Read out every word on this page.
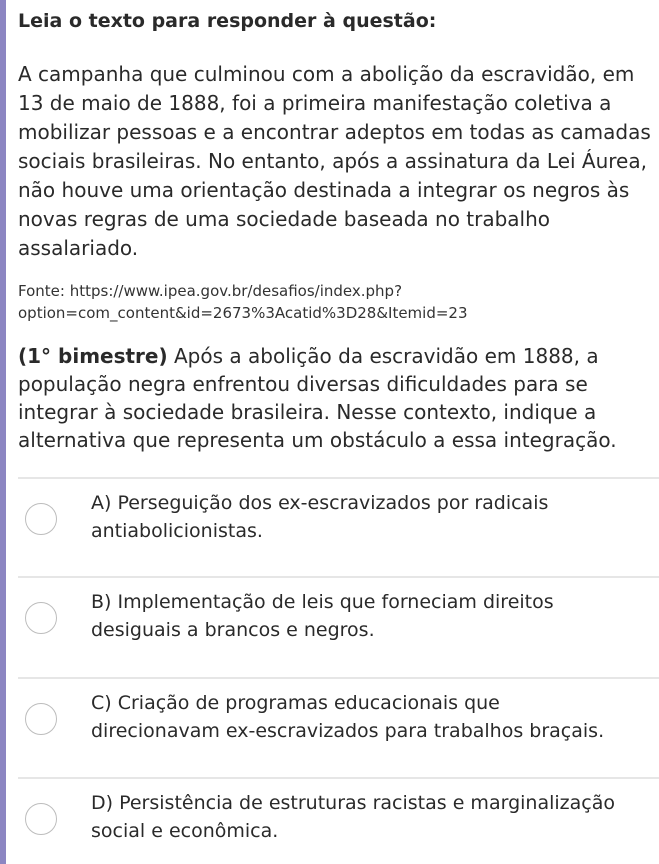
Leia o texto para responder à questão:
A campanha que culminou com a abolição da escravidão, em
13 de maio de 1888, foi a primeira manifestação coletiva a
mobilizar pessoas e a encontrar adeptos em todas as camadas
sociais brasileiras. No entanto, após a assinatura da Lei Áurea,
não houve uma orientação destinada a integrar os negros às
novas regras de uma sociedade baseada no trabalho
assalariado.
Fonte: https://www.ipea.gov.br/desafios/index.php?
option=com_content&id=2673%3Acatid%3D28&Itemid=23
(1° bimestre) Após a abolição da escravidão em 1888, a
população negra enfrentou diversas dificuldades para se
integrar à sociedade brasileira. Nesse contexto, indique a
alternativa que representa um obstáculo a essa integração.
A) Perseguição dos ex-escravizados por radicais
antiabolicionistas.
B) Implementação de leis que forneciam direitos
desiguais a brancos e negros.
C) Criação de programas educacionais que
direcionavam ex-escravizados para trabalhos braçais.
D) Persistência de estruturas racistas e marginalização
social e econômica.
